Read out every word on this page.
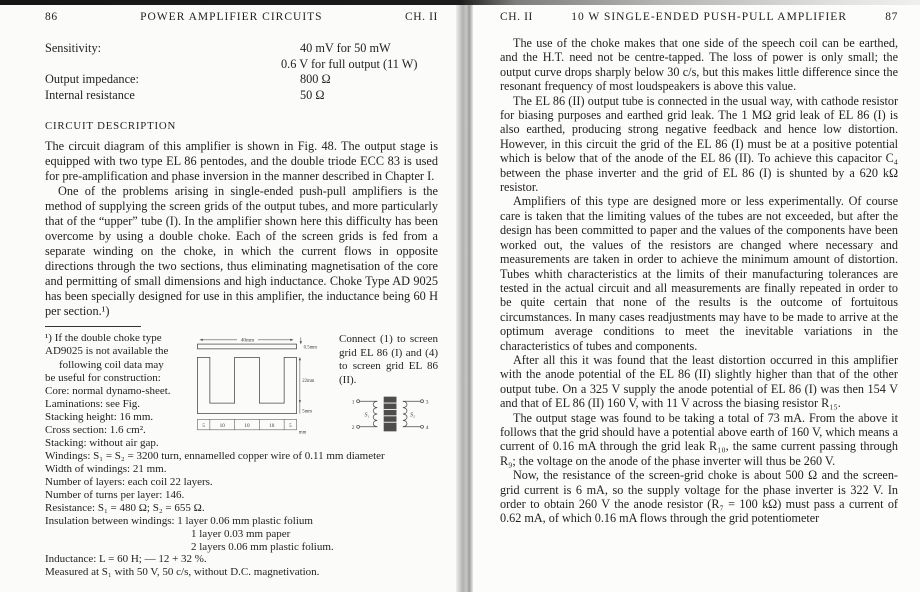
86	POWER AMPLIFIER CIRCUITS	CH. II
Sensitivity:	40 mV for 50 mW
0.6 V for full output (11 W)
Output impedance:	800 Ω
Internal resistance	50 Ω
CIRCUIT DESCRIPTION

The circuit diagram of this amplifier is shown in Fig. 48. The output stage is equipped with two type EL 86 pentodes, and the double triode ECC 83 is used for pre-amplification and phase inversion in the manner described in Chapter I.

One of the problems arising in single-ended push-pull amplifiers is the method of supplying the screen grids of the output tubes, and more particularly that of the “upper” tube (I). In the amplifier shown here this difficulty has been overcome by using a double choke. Each of the screen grids is fed from a separate winding on the choke, in which the current flows in opposite directions through the two sections, thus eliminating magnetisation of the core and permitting of small dimensions and high inductance. Choke Type AD 9025 has been specially designed for use in this amplifier, the inductance being 60 H per section.¹)

¹) If the double choke type
AD9025 is not available the
following coil data may
be useful for construction:
Core: normal dynamo-sheet.
Laminations: see Fig.
Stacking height: 16 mm.
Cross section: 1.6 cm².
Stacking: without air gap.
40mm
0.5mm
22mm
5mm
5	10	10	10	5
mm
Connect (1) to screen grid EL 86 (I) and (4) to screen grid EL 86 (II).
1
2
3
4
S₁	S₂
Windings: S₁ = S₂ = 3200 turn, ennamelled copper wire of 0.11 mm diameter
Width of windings: 21 mm.
Number of layers: each coil 22 layers.
Number of turns per layer: 146.
Resistance: S₁ = 480 Ω; S₂ = 655 Ω.
Insulation between windings: 1 layer 0.06 mm plastic folium
1 layer 0.03 mm paper
2 layers 0.06 mm plastic folium.
Inductance: L = 60 H; — 12 + 32 %.
Measured at S₁ with 50 V, 50 c/s, without D.C. magnetivation.
CH. II	10 W SINGLE-ENDED PUSH-PULL AMPLIFIER	87

The use of the choke makes that one side of the speech coil can be earthed, and the H.T. need not be centre-tapped. The loss of power is only small; the output curve drops sharply below 30 c/s, but this makes little difference since the resonant frequency of most loudspeakers is above this value.

The EL 86 (II) output tube is connected in the usual way, with cathode resistor for biasing purposes and earthed grid leak. The 1 MΩ grid leak of EL 86 (I) is also earthed, producing strong negative feedback and hence low distortion. However, in this circuit the grid of the EL 86 (I) must be at a positive potential which is below that of the anode of the EL 86 (II). To achieve this capacitor C₄ between the phase inverter and the grid of EL 86 (I) is shunted by a 620 kΩ resistor.

Amplifiers of this type are designed more or less experimentally. Of course care is taken that the limiting values of the tubes are not exceeded, but after the design has been committed to paper and the values of the components have been worked out, the values of the resistors are changed where necessary and measurements are taken in order to achieve the minimum amount of distortion. Tubes whith characteristics at the limits of their manufacturing tolerances are tested in the actual circuit and all measurements are finally repeated in order to be quite certain that none of the results is the outcome of fortuitous circumstances. In many cases readjustments may have to be made to arrive at the optimum average conditions to meet the inevitable variations in the characteristics of tubes and components.

After all this it was found that the least distortion occurred in this amplifier with the anode potential of the EL 86 (II) slightly higher than that of the other output tube. On a 325 V supply the anode potential of EL 86 (I) was then 154 V and that of EL 86 (II) 160 V, with 11 V across the biasing resistor R₁₅.

The output stage was found to be taking a total of 73 mA. From the above it follows that the grid should have a potential above earth of 160 V, which means a current of 0.16 mA through the grid leak R₁₀, the same current passing through R₉; the voltage on the anode of the phase inverter will thus be 260 V.

Now, the resistance of the screen-grid choke is about 500 Ω and the screen-grid current is 6 mA, so the supply voltage for the phase inverter is 322 V. In order to obtain 260 V the anode resistor (R₇ = 100 kΩ) must pass a current of 0.62 mA, of which 0.16 mA flows through the grid potentiometer
